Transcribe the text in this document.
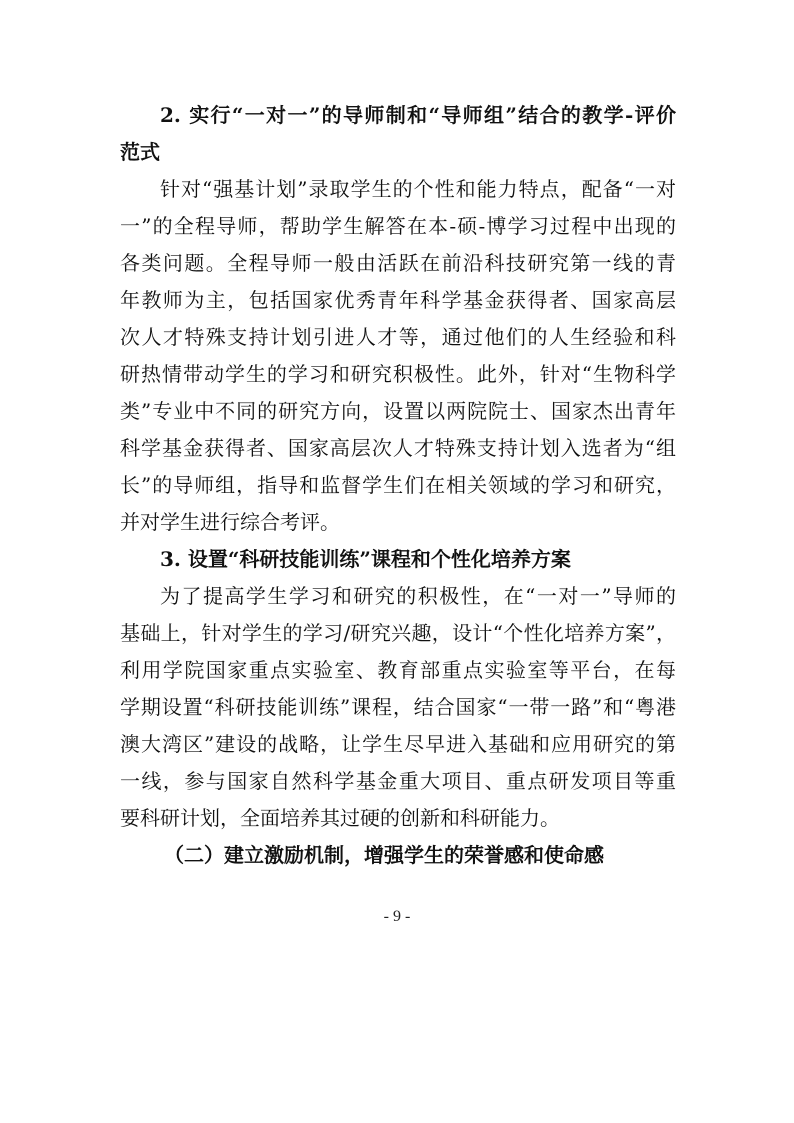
2. 实行“一对一”的导师制和“导师组”结合的教学-评价
范式
针对“强基计划”录取学生的个性和能力特点，配备“一对
一”的全程导师，帮助学生解答在本-硕-博学习过程中出现的
各类问题。全程导师一般由活跃在前沿科技研究第一线的青
年教师为主，包括国家优秀青年科学基金获得者、国家高层
次人才特殊支持计划引进人才等，通过他们的人生经验和科
研热情带动学生的学习和研究积极性。此外，针对“生物科学
类”专业中不同的研究方向，设置以两院院士、国家杰出青年
科学基金获得者、国家高层次人才特殊支持计划入选者为“组
长”的导师组，指导和监督学生们在相关领域的学习和研究，
并对学生进行综合考评。
3. 设置“科研技能训练”课程和个性化培养方案
为了提高学生学习和研究的积极性，在“一对一”导师的
基础上，针对学生的学习/研究兴趣，设计“个性化培养方案”，
利用学院国家重点实验室、教育部重点实验室等平台，在每
学期设置“科研技能训练”课程，结合国家“一带一路”和“粤港
澳大湾区”建设的战略，让学生尽早进入基础和应用研究的第
一线，参与国家自然科学基金重大项目、重点研发项目等重
要科研计划，全面培养其过硬的创新和科研能力。
（二）建立激励机制，增强学生的荣誉感和使命感
- 9 -
